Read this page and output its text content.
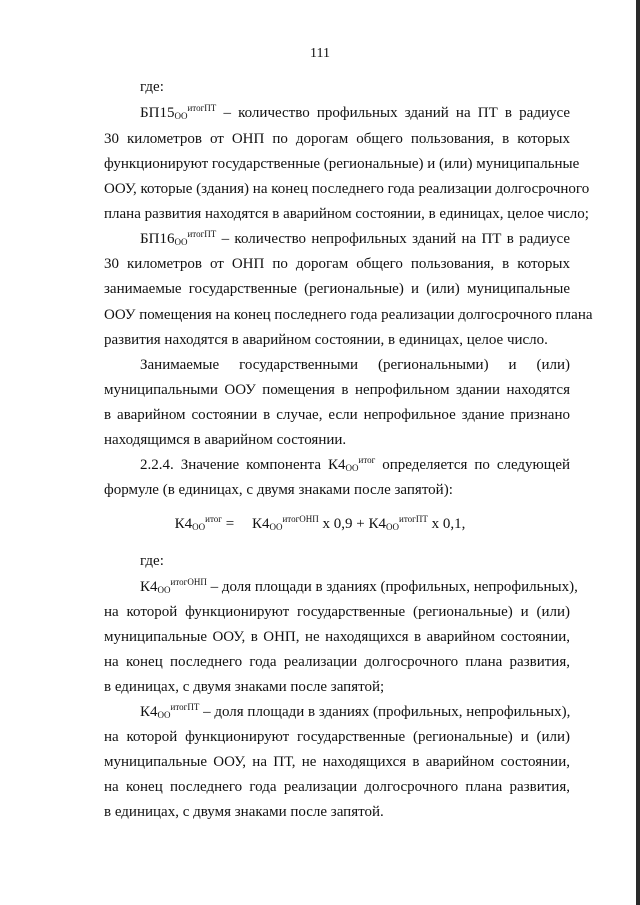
111
где:
$БП15_{ОО}^{итогПТ}$ – количество профильных зданий на ПТ в радиусе
30 километров от ОНП по дорогам общего пользования, в которых
функционируют государственные (региональные) и (или) муниципальные
ООУ, которые (здания) на конец последнего года реализации долгосрочного
плана развития находятся в аварийном состоянии, в единицах, целое число;
$БП16_{ОО}^{итогПТ}$ – количество непрофильных зданий на ПТ в радиусе
30 километров от ОНП по дорогам общего пользования, в которых
занимаемые государственные (региональные) и (или) муниципальные
ООУ помещения на конец последнего года реализации долгосрочного плана
развития находятся в аварийном состоянии, в единицах, целое число.
Занимаемые государственными (региональными) и (или)
муниципальными ООУ помещения в непрофильном здании находятся
в аварийном состоянии в случае, если непрофильное здание признано
находящимся в аварийном состоянии.
2.2.4. Значение компонента $К4_{ОО}^{итог}$ определяется по следующей
формуле (в единицах, с двумя знаками после запятой):
$К4_{ОО}^{итог} = К4_{ОО}^{итогОНП}$ х $0,9 + К4_{ОО}^{итогПТ}$ х 0,1,
где:
$К4_{ОО}^{итогОНП}$ – доля площади в зданиях (профильных, непрофильных),
на которой функционируют государственные (региональные) и (или)
муниципальные ООУ, в ОНП, не находящихся в аварийном состоянии,
на конец последнего года реализации долгосрочного плана развития,
в единицах, с двумя знаками после запятой;
$К4_{ОО}^{итогПТ}$ – доля площади в зданиях (профильных, непрофильных),
на которой функционируют государственные (региональные) и (или)
муниципальные ООУ, на ПТ, не находящихся в аварийном состоянии,
на конец последнего года реализации долгосрочного плана развития,
в единицах, с двумя знаками после запятой.
